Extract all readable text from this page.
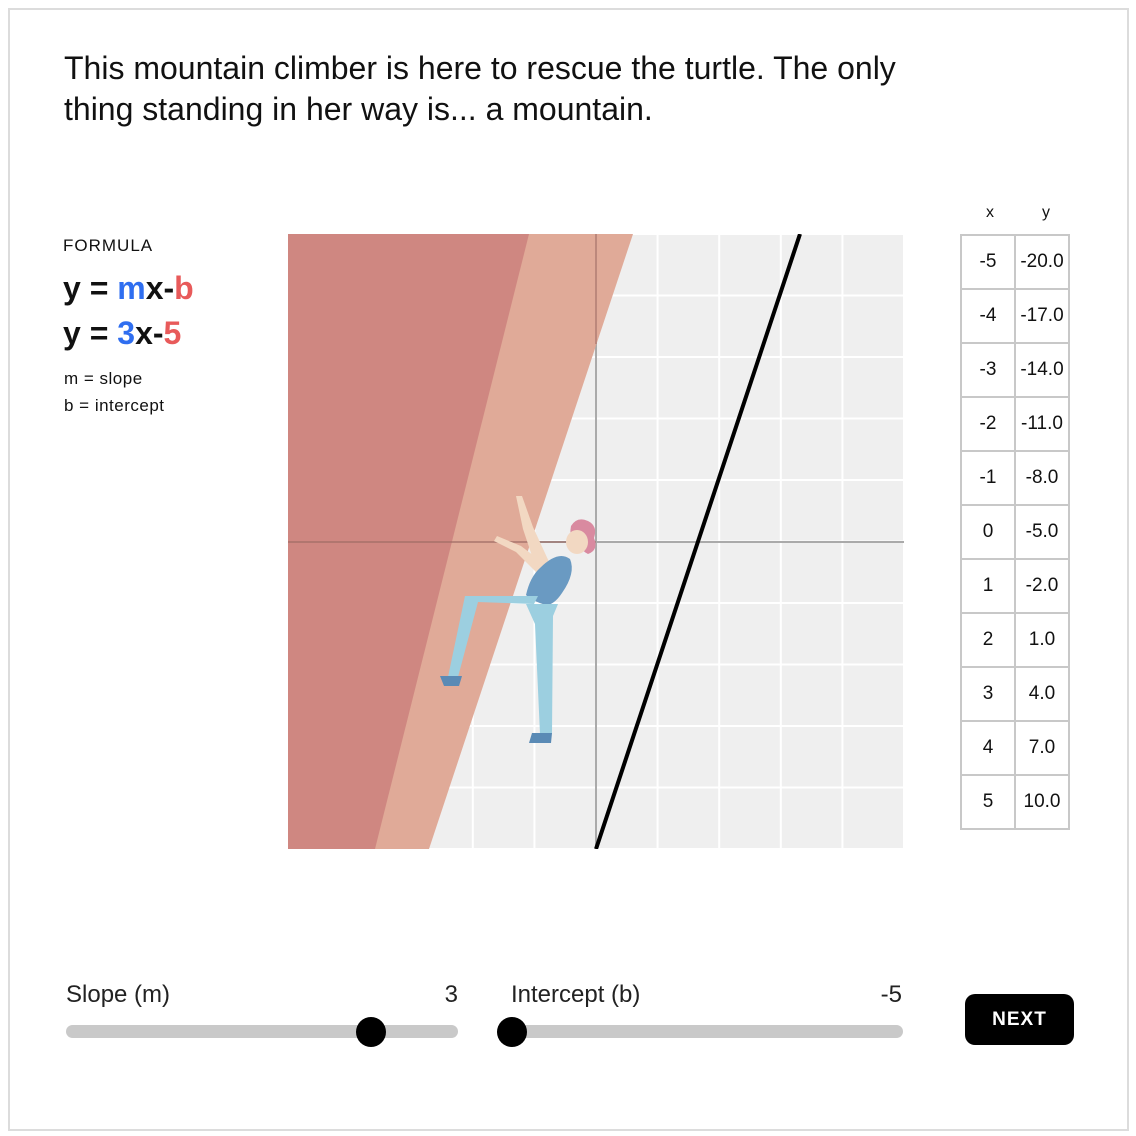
This mountain climber is here to rescue the turtle. The only
thing standing in her way is... a mountain.

FORMULA
y = mx-b
y = 3x-5
m = slope
b = intercept
x	y
-5	-20.0
-4	-17.0
-3	-14.0
-2	-11.0
-1	-8.0
0	-5.0
1	-2.0
2	1.0
3	4.0
4	7.0
5	10.0
Slope (m)	3 Intercept (b)	-5
NEXT
